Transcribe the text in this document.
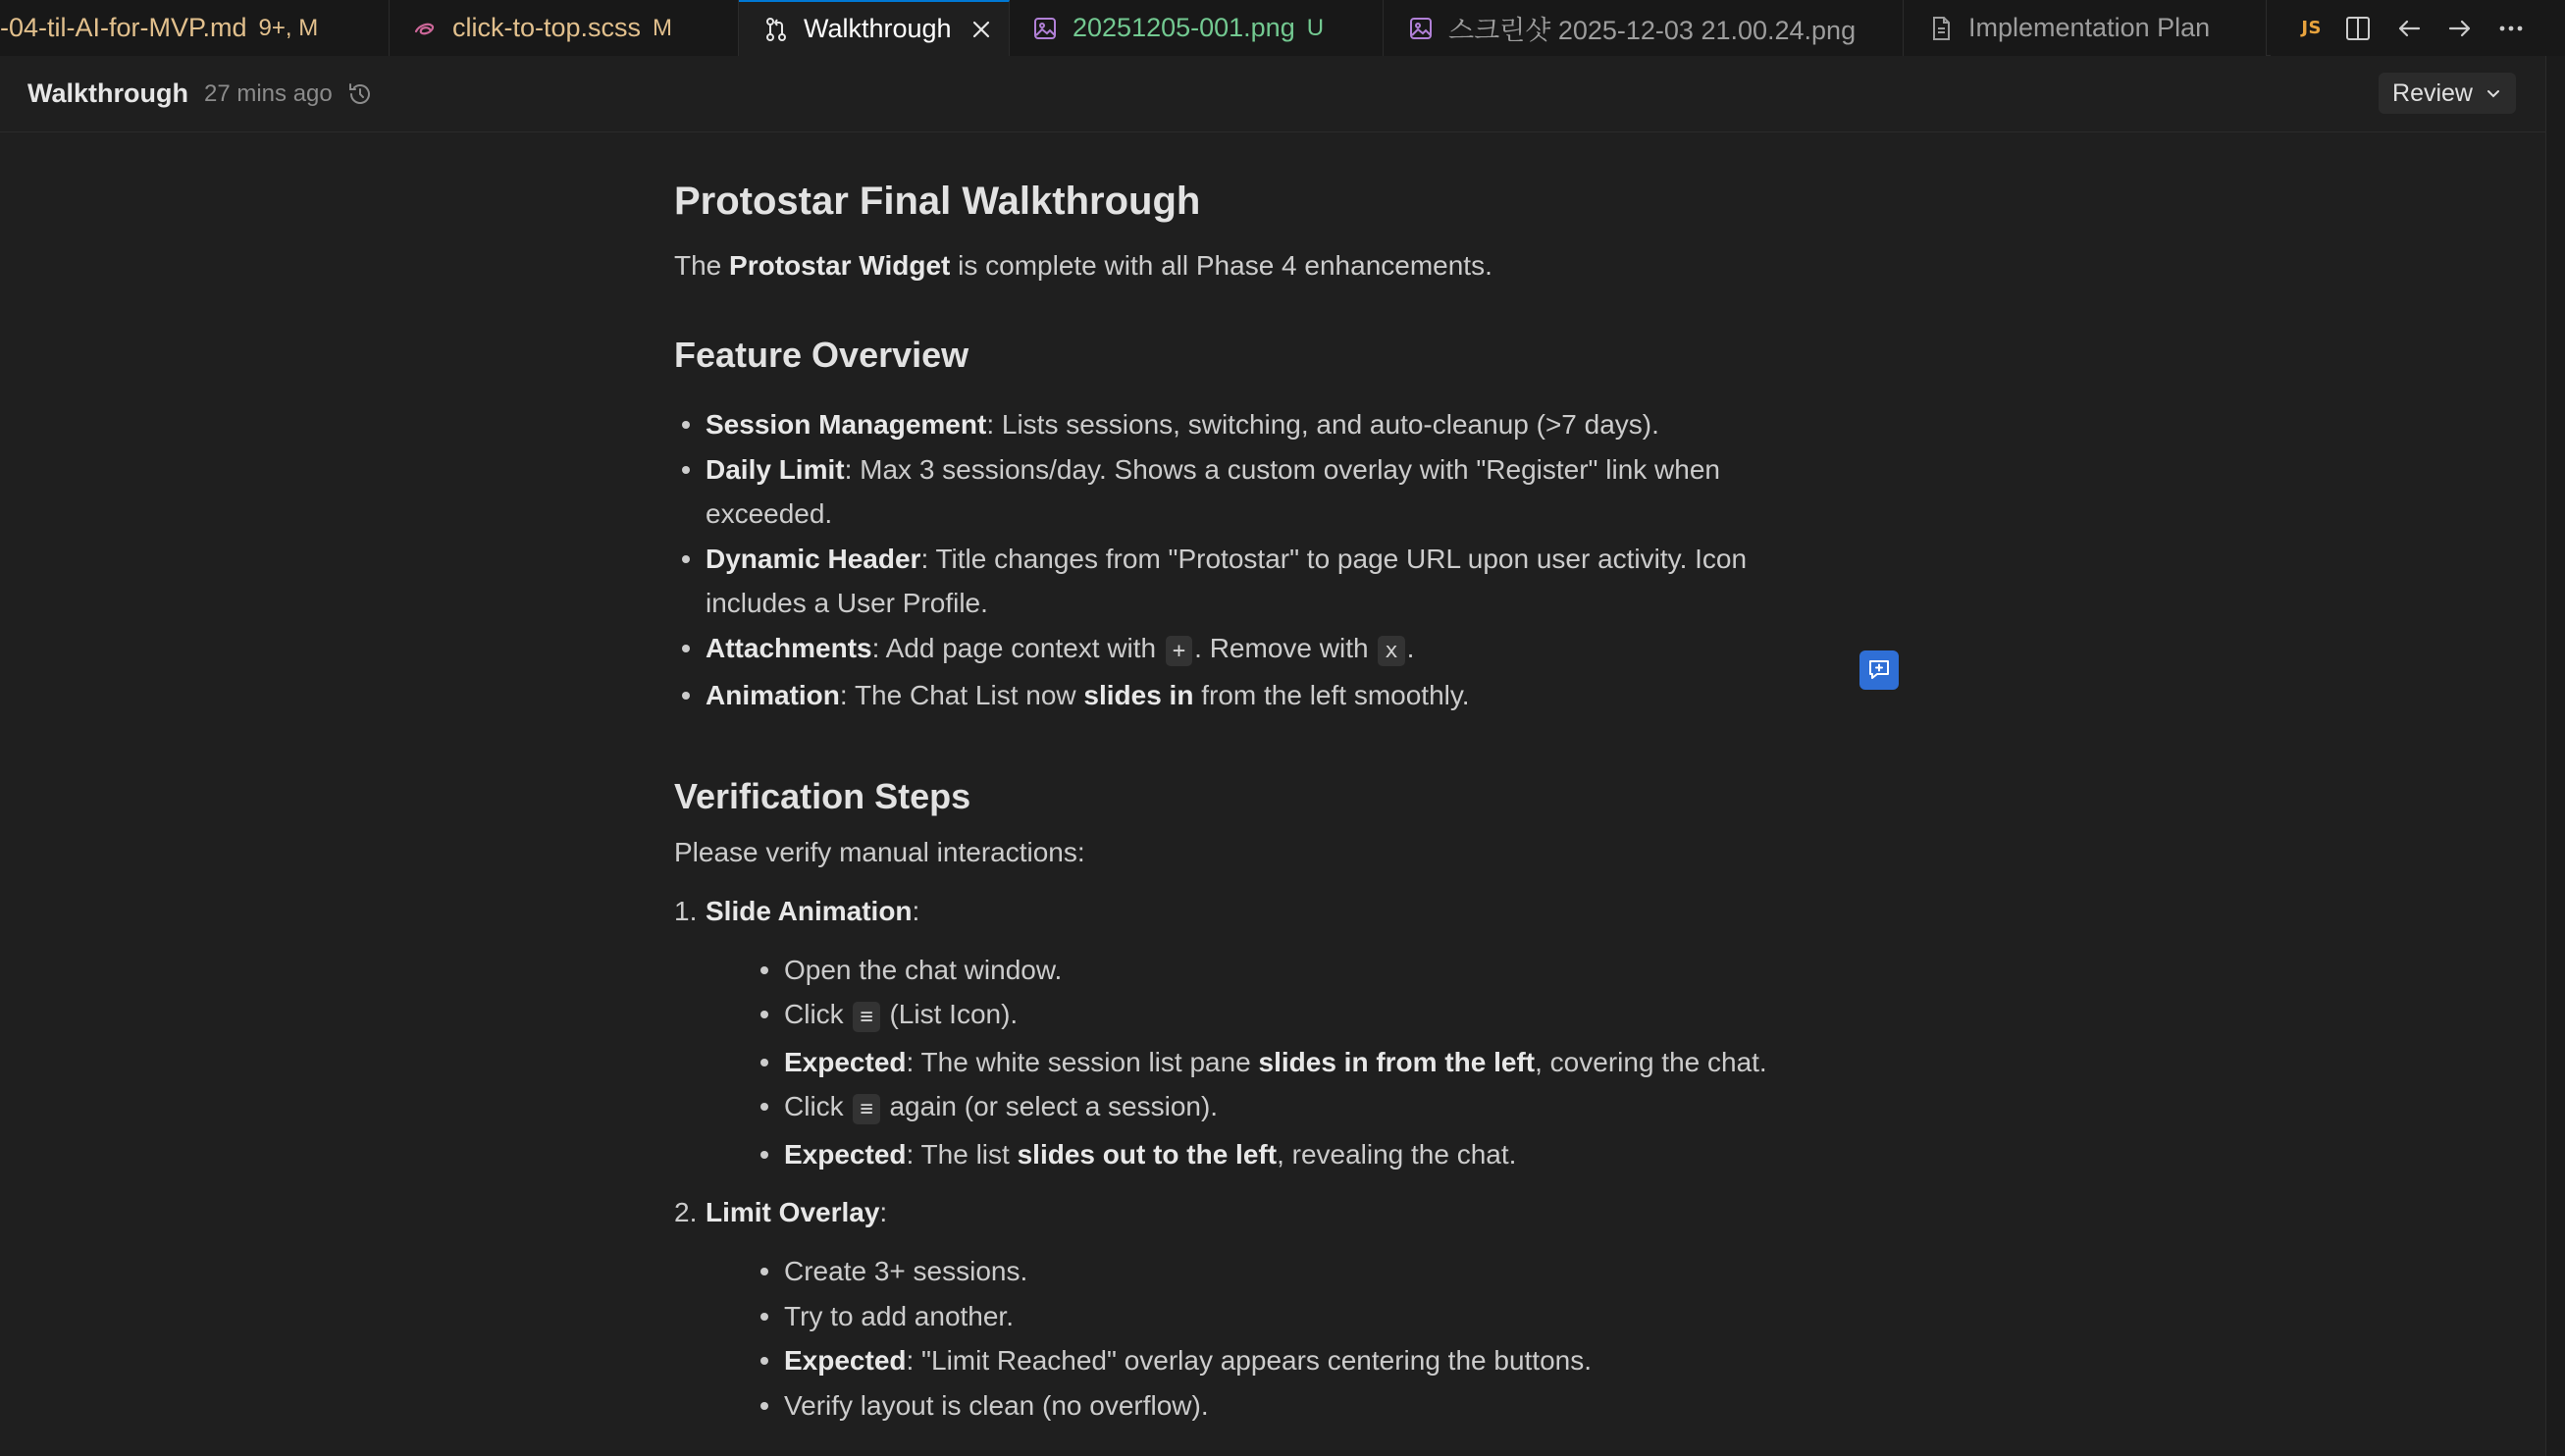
-04-til-AI-for-MVP.md 9+, M	click-to-top.scss M	Walkthrough	20251205-001.png U	스크린샷 2025-12-03 21.00.24.png	Implementation Plan	JS
Walkthrough 27 mins ago	Review
Protostar Final Walkthrough

The Protostar Widget is complete with all Phase 4 enhancements.

Feature Overview
Session Management: Lists sessions, switching, and auto-cleanup (>7 days).
Daily Limit: Max 3 sessions/day. Shows a custom overlay with "Register" link when exceeded.
Dynamic Header: Title changes from "Protostar" to page URL upon user activity. Icon includes a User Profile.
Attachments: Add page context with + . Remove with x .
Animation: The Chat List now slides in from the left smoothly.
Verification Steps

Please verify manual interactions:

1. Slide Animation:
Open the chat window.
Click ≡ (List Icon).
Expected: The white session list pane slides in from the left, covering the chat.
Click ≡ again (or select a session).
Expected: The list slides out to the left, revealing the chat.
2. Limit Overlay:
Create 3+ sessions.
Try to add another.
Expected: "Limit Reached" overlay appears centering the buttons.
Verify layout is clean (no overflow).
